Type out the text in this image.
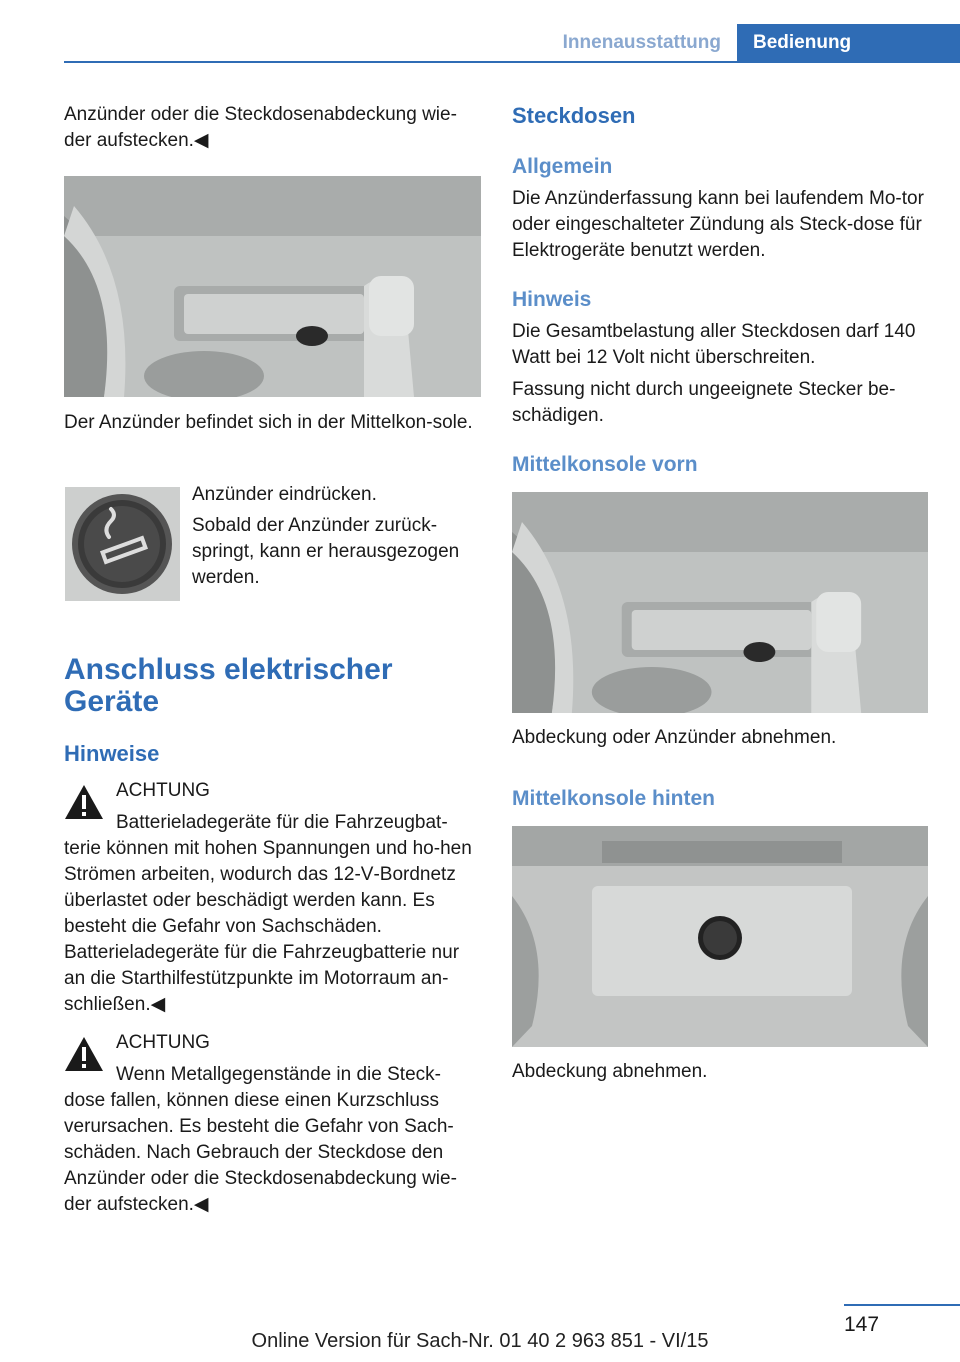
Innenausstattung	Bedienung

Anzünder oder die Steckdosenabdeckung wie‐der aufstecken.◀

Der Anzünder befindet sich in der Mittelkon‐sole.

Anzünder eindrücken.

Sobald der Anzünder zurück‐springt, kann er herausgezogen werden.

Anschluss elektrischer Geräte
Hinweise

ACHTUNG

Batterieladegeräte für die Fahrzeugbat‐terie können mit hohen Spannungen und ho‐hen Strömen arbeiten, wodurch das 12‑V‑Bordnetz überlastet oder beschädigt werden kann. Es besteht die Gefahr von Sachschäden. Batterieladegeräte für die Fahrzeugbatterie nur an die Starthilfestützpunkte im Motorraum an‐schließen.◀

ACHTUNG

Wenn Metallgegenstände in die Steck‐dose fallen, können diese einen Kurzschluss verursachen. Es besteht die Gefahr von Sach‐schäden. Nach Gebrauch der Steckdose den Anzünder oder die Steckdosenabdeckung wie‐der aufstecken.◀

Steckdosen
Allgemein

Die Anzünderfassung kann bei laufendem Mo‐tor oder eingeschalteter Zündung als Steck‐dose für Elektrogeräte benutzt werden.

Hinweis

Die Gesamtbelastung aller Steckdosen darf 140 Watt bei 12 Volt nicht überschreiten.

Fassung nicht durch ungeeignete Stecker be‐schädigen.

Mittelkonsole vorn

Abdeckung oder Anzünder abnehmen.

Mittelkonsole hinten

Abdeckung abnehmen.

147
Online Version für Sach-Nr. 01 40 2 963 851 - VI/15
